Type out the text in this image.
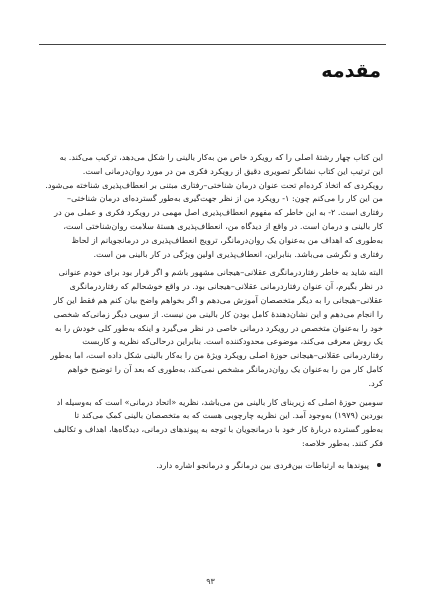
مقدمه

این کتاب چهار رشتهٔ اصلی را که رویکرد خاص من به‌کار بالینی را شکل می‌دهد، ترکیب می‌کند. به
این ترتیب این کتاب نشانگر تصویری دقیق از رویکرد فکری من در مورد روان‌درمانی است.
رویکردی که اتخاذ کرده‌ام تحت عنوان درمان شناختی–رفتاری مبتنی بر انعطاف‌پذیری شناخته می‌شود.
من این کار را می‌کنم چون: ۱- رویکرد من از نظر جهت‌گیری به‌طور گسترده‌ای درمان شناختی–
رفتاری است. ۲- به این خاطر که مفهوم انعطاف‌پذیری اصل مهمی در رویکرد فکری و عملی من در
کار بالینی و درمان است. در واقع از دیدگاه من، انعطاف‌پذیری هستهٔ سلامت روان‌شناختی است،
به‌طوری که اهداف من به‌عنوان یک روان‌درمانگر، ترویج انعطاف‌پذیری در درمانجویانم از لحاظ
رفتاری و نگرشی می‌باشد. بنابراین، انعطاف‌پذیری اولین ویژگی در کار بالینی من است.

البته شاید به خاطر رفتاردرمانگری عقلانی–هیجانی مشهور باشم و اگر قرار بود برای خودم عنوانی
در نظر بگیرم، آن عنوان رفتاردرمانی عقلانی–هیجانی بود. در واقع خوشحالم که رفتاردرمانگری
عقلانی–هیجانی را به دیگر متخصصان آموزش می‌دهم و اگر بخواهم واضح بیان کنم هم فقط این کار
را انجام می‌دهم و این نشان‌دهندهٔ کامل بودن کار بالینی من نیست. از سویی دیگر زمانی‌که شخصی
خود را به‌عنوان متخصص در رویکرد درمانی خاصی در نظر می‌گیرد و اینکه به‌طور کلی خودش را به
یک روش معرفی می‌کند، موضوعی محدودکننده است. بنابراین درحالی‌که نظریه و کاربست
رفتاردرمانی عقلانی–هیجانی حوزهٔ اصلی رویکرد ویژهٔ من را به‌کار بالینی شکل داده است، اما به‌طور
کامل کار من را به‌عنوان یک روان‌درمانگر مشخص نمی‌کند، به‌طوری که بعد آن را توضیح خواهم
کرد.

سومین حوزهٔ اصلی که زیربنای کار بالینی من می‌باشد، نظریه «اتحاد درمانی» است که به‌وسیله اد
بوردین (۱۹۷۹) به‌وجود آمد. این نظریه چارچوبی هست که به متخصصان بالینی کمک می‌کند تا
به‌طور گسترده دربارهٔ کار خود با درمانجویان با توجه به پیوندهای درمانی، دیدگاه‌ها، اهداف و تکالیف
فکر کنند. به‌طور خلاصه:

پیوندها به ارتباطات بین‌فردی بین درمانگر و درمانجو اشاره دارد.
۹۳
